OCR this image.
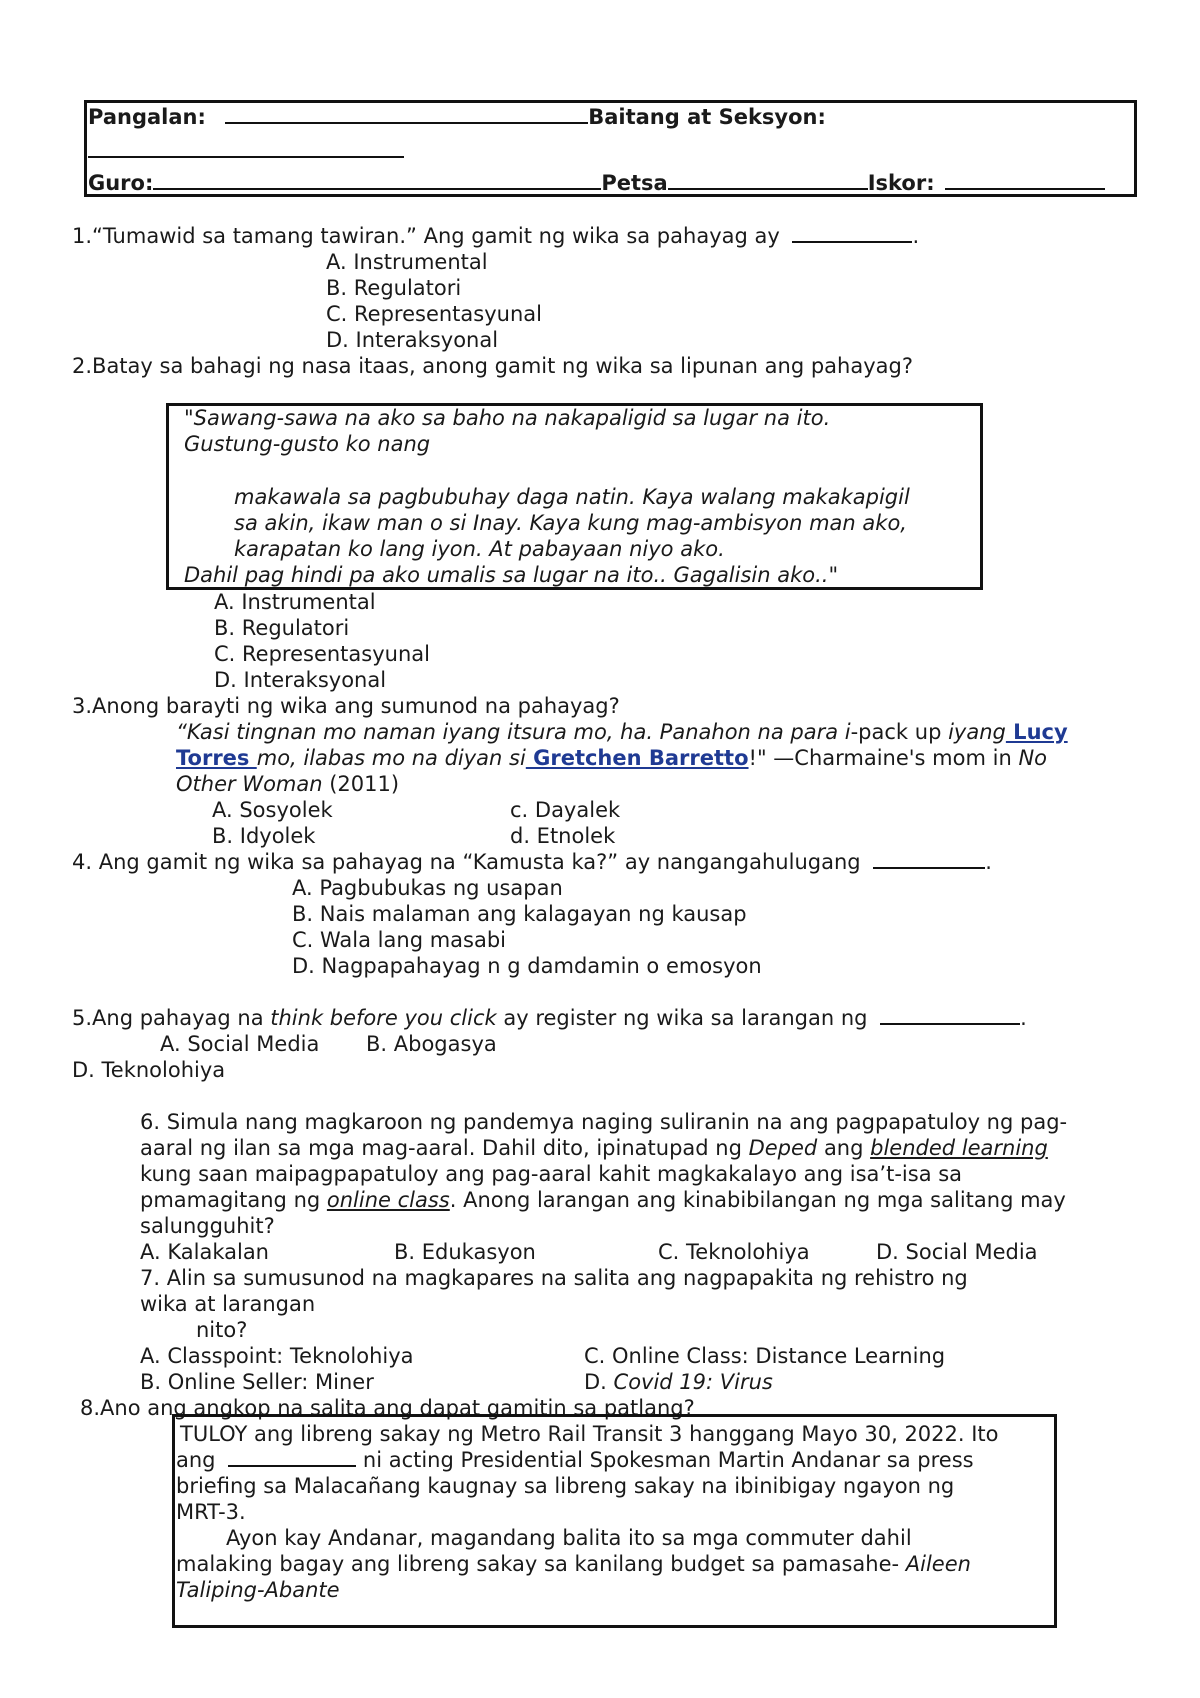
Pangalan:	Baitang at Seksyon:
Guro:	Petsa	Iskor:
1.“Tumawid sa tamang tawiran.” Ang gamit ng wika sa pahayag ay	.
A. Instrumental
B. Regulatori
C. Representasyunal
D. Interaksyonal
2.Batay sa bahagi ng nasa itaas, anong gamit ng wika sa lipunan ang pahayag?
"Sawang-sawa na ako sa baho na nakapaligid sa lugar na ito.
Gustung-gusto ko nang
makawala sa pagbubuhay daga natin. Kaya walang makakapigil
sa akin, ikaw man o si Inay. Kaya kung mag-ambisyon man ako,
karapatan ko lang iyon. At pabayaan niyo ako.
Dahil pag hindi pa ako umalis sa lugar na ito.. Gagalisin ako.."
A. Instrumental
B. Regulatori
C. Representasyunal
D. Interaksyonal
3.Anong barayti ng wika ang sumunod na pahayag?
“Kasi tingnan mo naman iyang itsura mo, ha. Panahon na para i-pack up iyang Lucy
Torres mo, ilabas mo na diyan si Gretchen Barretto!" —Charmaine's mom in No
Other Woman (2011)
A. Sosyolek	c. Dayalek
B. Idyolek	d. Etnolek
4. Ang gamit ng wika sa pahayag na “Kamusta ka?” ay nangangahulugang	.
A. Pagbubukas ng usapan
B. Nais malaman ang kalagayan ng kausap
C. Wala lang masabi
D. Nagpapahayag n g damdamin o emosyon
5.Ang pahayag na think before you click ay register ng wika sa larangan ng	.
A. Social Media B. Abogasya
D. Teknolohiya
6. Simula nang magkaroon ng pandemya naging suliranin na ang pagpapatuloy ng pag-
aaral ng ilan sa mga mag-aaral. Dahil dito, ipinatupad ng Deped ang blended learning
kung saan maipagpapatuloy ang pag-aaral kahit magkakalayo ang isa’t-isa sa
pmamagitang ng online class. Anong larangan ang kinabibilangan ng mga salitang may
salungguhit?
A. Kalakalan	B. Edukasyon	C. Teknolohiya	D. Social Media
7. Alin sa sumusunod na magkapares na salita ang nagpapakita ng rehistro ng
wika at larangan
nito?
A. Classpoint: Teknolohiya	C. Online Class: Distance Learning
B. Online Seller: Miner	D. Covid 19: Virus
8.Ano ang angkop na salita ang dapat gamitin sa patlang?
TULOY ang libreng sakay ng Metro Rail Transit 3 hanggang Mayo 30, 2022. Ito
ang	ni acting Presidential Spokesman Martin Andanar sa press
briefing sa Malacañang kaugnay sa libreng sakay na ibinibigay ngayon ng
MRT-3.
Ayon kay Andanar, magandang balita ito sa mga commuter dahil
malaking bagay ang libreng sakay sa kanilang budget sa pamasahe- Aileen
Taliping-Abante
